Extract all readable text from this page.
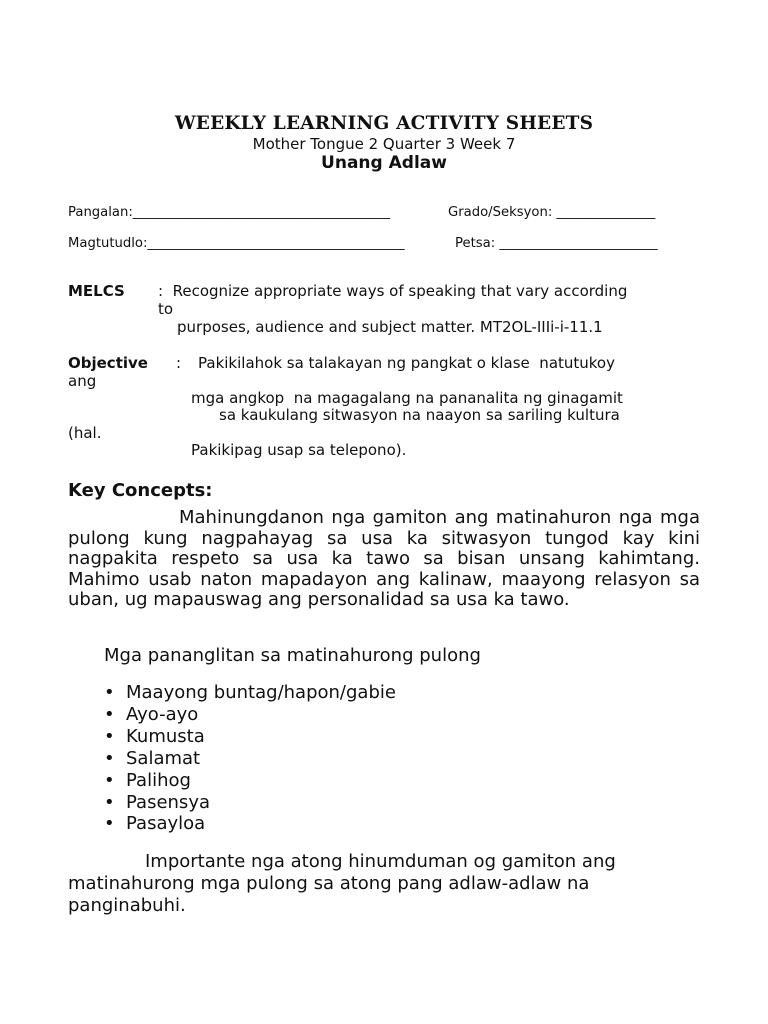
WEEKLY LEARNING ACTIVITY SHEETS
Mother Tongue 2 Quarter 3 Week 7
Unang Adlaw
Pangalan:_______________________________________	Grado/Seksyon: _______________
Magtutudlo:_______________________________________	Petsa: ________________________
MELCS :  Recognize appropriate ways of speaking that vary according
to
purposes, audience and subject matter. MT2OL-IIIi-i-11.1
Objective : Pakikilahok sa talakayan ng pangkat o klase  natutukoy
ang
mga angkop  na magagalang na pananalita ng ginagamit
sa kaukulang sitwasyon na naayon sa sariling kultura
(hal.
Pakikipag usap sa telepono).
Key Concepts:
Mahinungdanon nga gamiton ang matinahuron nga mga pulong kung nagpahayag sa usa ka sitwasyon tungod kay kini nagpakita respeto sa usa ka tawo sa bisan unsang kahimtang. Mahimo usab naton mapadayon ang kalinaw, maayong relasyon sa uban, ug mapauswag ang personalidad sa usa ka tawo.
Mga pananglitan sa matinahurong pulong
• Maayong buntag/hapon/gabie
• Ayo-ayo
• Kumusta
• Salamat
• Palihog
• Pasensya
• Pasayloa
Importante nga atong hinumduman og gamiton ang matinahurong mga pulong sa atong pang adlaw-adlaw na panginabuhi.
